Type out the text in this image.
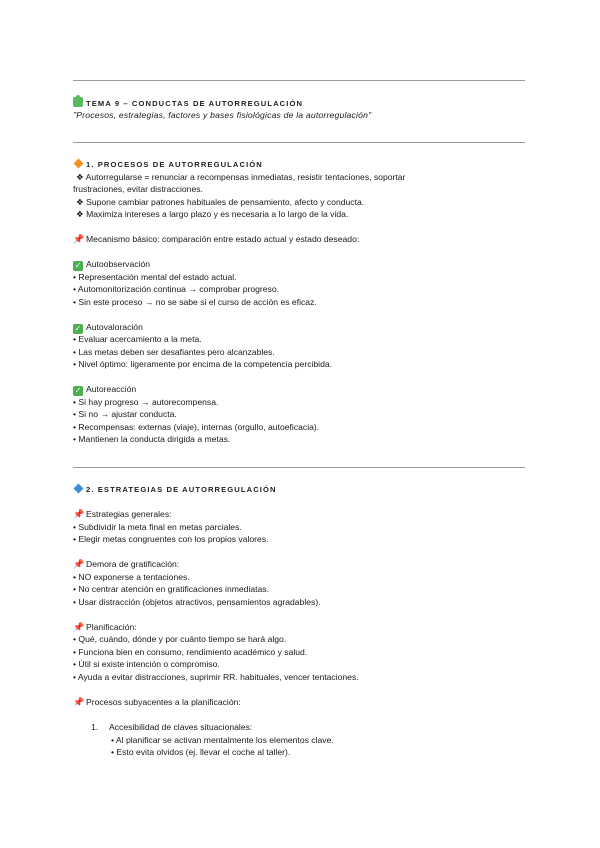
TEMA 9 – CONDUCTAS DE AUTORREGULACIÓN
"Procesos, estrategias, factores y bases fisiológicas de la autorregulación"
1. PROCESOS DE AUTORREGULACIÓN
❖ Autorregularse = renunciar a recompensas inmediatas, resistir tentaciones, soportar
frustraciones, evitar distracciones.
❖ Supone cambiar patrones habituales de pensamiento, afecto y conducta.
❖ Maximiza intereses a largo plazo y es necesaria a lo largo de la vida.
📌 Mecanismo básico: comparación entre estado actual y estado deseado:
✓ Autoobservación
• Representación mental del estado actual.
• Automonitorización continua → comprobar progreso.
• Sin este proceso → no se sabe si el curso de acción es eficaz.
✓ Autovaloración
• Evaluar acercamiento a la meta.
• Las metas deben ser desafiantes pero alcanzables.
• Nivel óptimo: ligeramente por encima de la competencia percibida.
✓ Autoreacción
• Si hay progreso → autorecompensa.
• Si no → ajustar conducta.
• Recompensas: externas (viaje), internas (orgullo, autoeficacia).
• Mantienen la conducta dirigida a metas.
2. ESTRATEGIAS DE AUTORREGULACIÓN
📌 Estrategias generales:
• Subdividir la meta final en metas parciales.
• Elegir metas congruentes con los propios valores.
📌 Demora de gratificación:
• NO exponerse a tentaciones.
• No centrar atención en gratificaciones inmediatas.
• Usar distracción (objetos atractivos, pensamientos agradables).
📌 Planificación:
• Qué, cuándo, dónde y por cuánto tiempo se hará algo.
• Funciona bien en consumo, rendimiento académico y salud.
• Útil si existe intención o compromiso.
• Ayuda a evitar distracciones, suprimir RR. habituales, vencer tentaciones.
📌 Procesos subyacentes a la planificación:
1. Accesibilidad de claves situacionales:
• Al planificar se activan mentalmente los elementos clave.
• Esto evita olvidos (ej. llevar el coche al taller).
